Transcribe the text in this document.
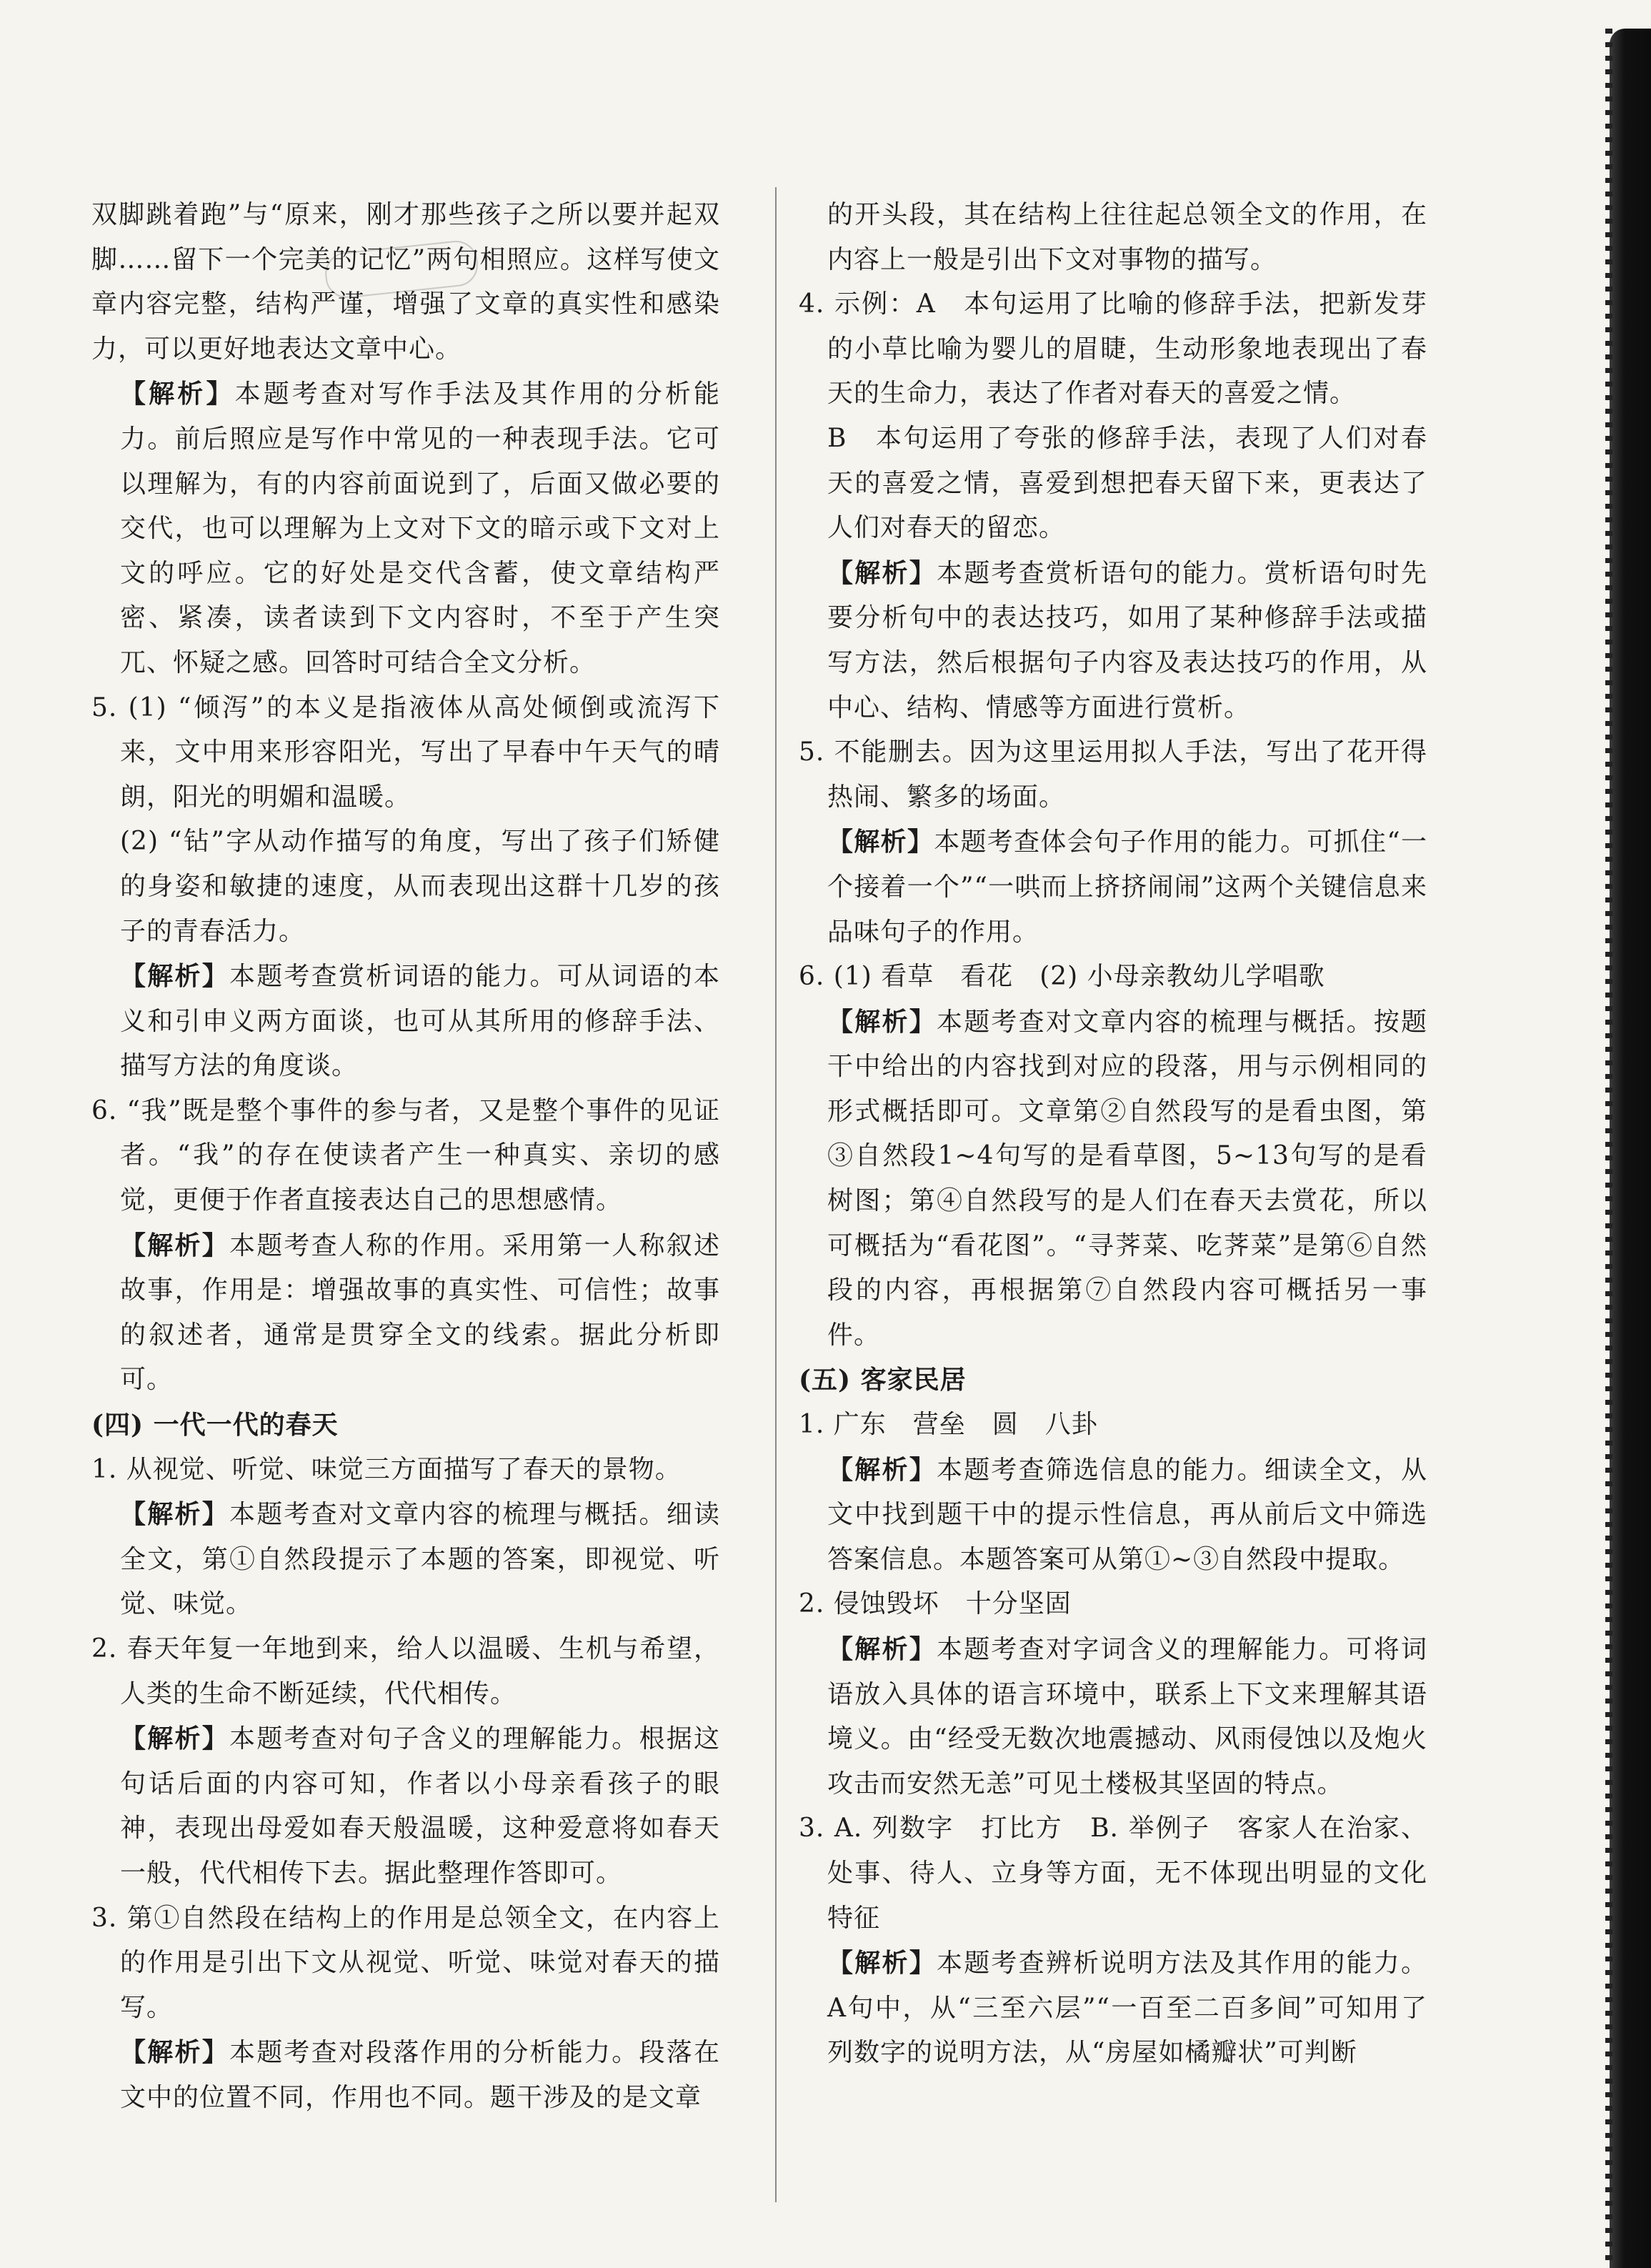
双脚跳着跑”与“原来，刚才那些孩子之所以要并起双脚……留下一个完美的记忆”两句相照应。这样写使文章内容完整，结构严谨，增强了文章的真实性和感染力，可以更好地表达文章中心。

【解析】本题考查对写作手法及其作用的分析能力。前后照应是写作中常见的一种表现手法。它可以理解为，有的内容前面说到了，后面又做必要的交代，也可以理解为上文对下文的暗示或下文对上文的呼应。它的好处是交代含蓄，使文章结构严密、紧凑，读者读到下文内容时，不至于产生突兀、怀疑之感。回答时可结合全文分析。

5. (1) “倾泻”的本义是指液体从高处倾倒或流泻下来，文中用来形容阳光，写出了早春中午天气的晴朗，阳光的明媚和温暖。

(2) “钻”字从动作描写的角度，写出了孩子们矫健的身姿和敏捷的速度，从而表现出这群十几岁的孩子的青春活力。

【解析】本题考查赏析词语的能力。可从词语的本义和引申义两方面谈，也可从其所用的修辞手法、描写方法的角度谈。

6. “我”既是整个事件的参与者，又是整个事件的见证者。“我”的存在使读者产生一种真实、亲切的感觉，更便于作者直接表达自己的思想感情。

【解析】本题考查人称的作用。采用第一人称叙述故事，作用是：增强故事的真实性、可信性；故事的叙述者，通常是贯穿全文的线索。据此分析即可。

(四) 一代一代的春天

1. 从视觉、听觉、味觉三方面描写了春天的景物。

【解析】本题考查对文章内容的梳理与概括。细读全文，第①自然段提示了本题的答案，即视觉、听觉、味觉。

2. 春天年复一年地到来，给人以温暖、生机与希望，人类的生命不断延续，代代相传。

【解析】本题考查对句子含义的理解能力。根据这句话后面的内容可知，作者以小母亲看孩子的眼神，表现出母爱如春天般温暖，这种爱意将如春天一般，代代相传下去。据此整理作答即可。

3. 第①自然段在结构上的作用是总领全文，在内容上的作用是引出下文从视觉、听觉、味觉对春天的描写。

【解析】本题考查对段落作用的分析能力。段落在文中的位置不同，作用也不同。题干涉及的是文章

的开头段，其在结构上往往起总领全文的作用，在内容上一般是引出下文对事物的描写。

4. 示例：A　本句运用了比喻的修辞手法，把新发芽的小草比喻为婴儿的眉睫，生动形象地表现出了春天的生命力，表达了作者对春天的喜爱之情。

B　本句运用了夸张的修辞手法，表现了人们对春天的喜爱之情，喜爱到想把春天留下来，更表达了人们对春天的留恋。

【解析】本题考查赏析语句的能力。赏析语句时先要分析句中的表达技巧，如用了某种修辞手法或描写方法，然后根据句子内容及表达技巧的作用，从中心、结构、情感等方面进行赏析。

5. 不能删去。因为这里运用拟人手法，写出了花开得热闹、繁多的场面。

【解析】本题考查体会句子作用的能力。可抓住“一个接着一个”“一哄而上挤挤闹闹”这两个关键信息来品味句子的作用。

6. (1) 看草　看花　(2) 小母亲教幼儿学唱歌

【解析】本题考查对文章内容的梳理与概括。按题干中给出的内容找到对应的段落，用与示例相同的形式概括即可。文章第②自然段写的是看虫图，第③自然段1~4句写的是看草图，5~13句写的是看树图；第④自然段写的是人们在春天去赏花，所以可概括为“看花图”。“寻荠菜、吃荠菜”是第⑥自然段的内容，再根据第⑦自然段内容可概括另一事件。

(五) 客家民居

1. 广东　营垒　圆　八卦

【解析】本题考查筛选信息的能力。细读全文，从文中找到题干中的提示性信息，再从前后文中筛选答案信息。本题答案可从第①~③自然段中提取。

2. 侵蚀毁坏　十分坚固

【解析】本题考查对字词含义的理解能力。可将词语放入具体的语言环境中，联系上下文来理解其语境义。由“经受无数次地震撼动、风雨侵蚀以及炮火攻击而安然无恙”可见土楼极其坚固的特点。

3. A. 列数字　打比方　B. 举例子　客家人在治家、处事、待人、立身等方面，无不体现出明显的文化特征

【解析】本题考查辨析说明方法及其作用的能力。A句中，从“三至六层”“一百至二百多间”可知用了列数字的说明方法，从“房屋如橘瓣状”可判断
